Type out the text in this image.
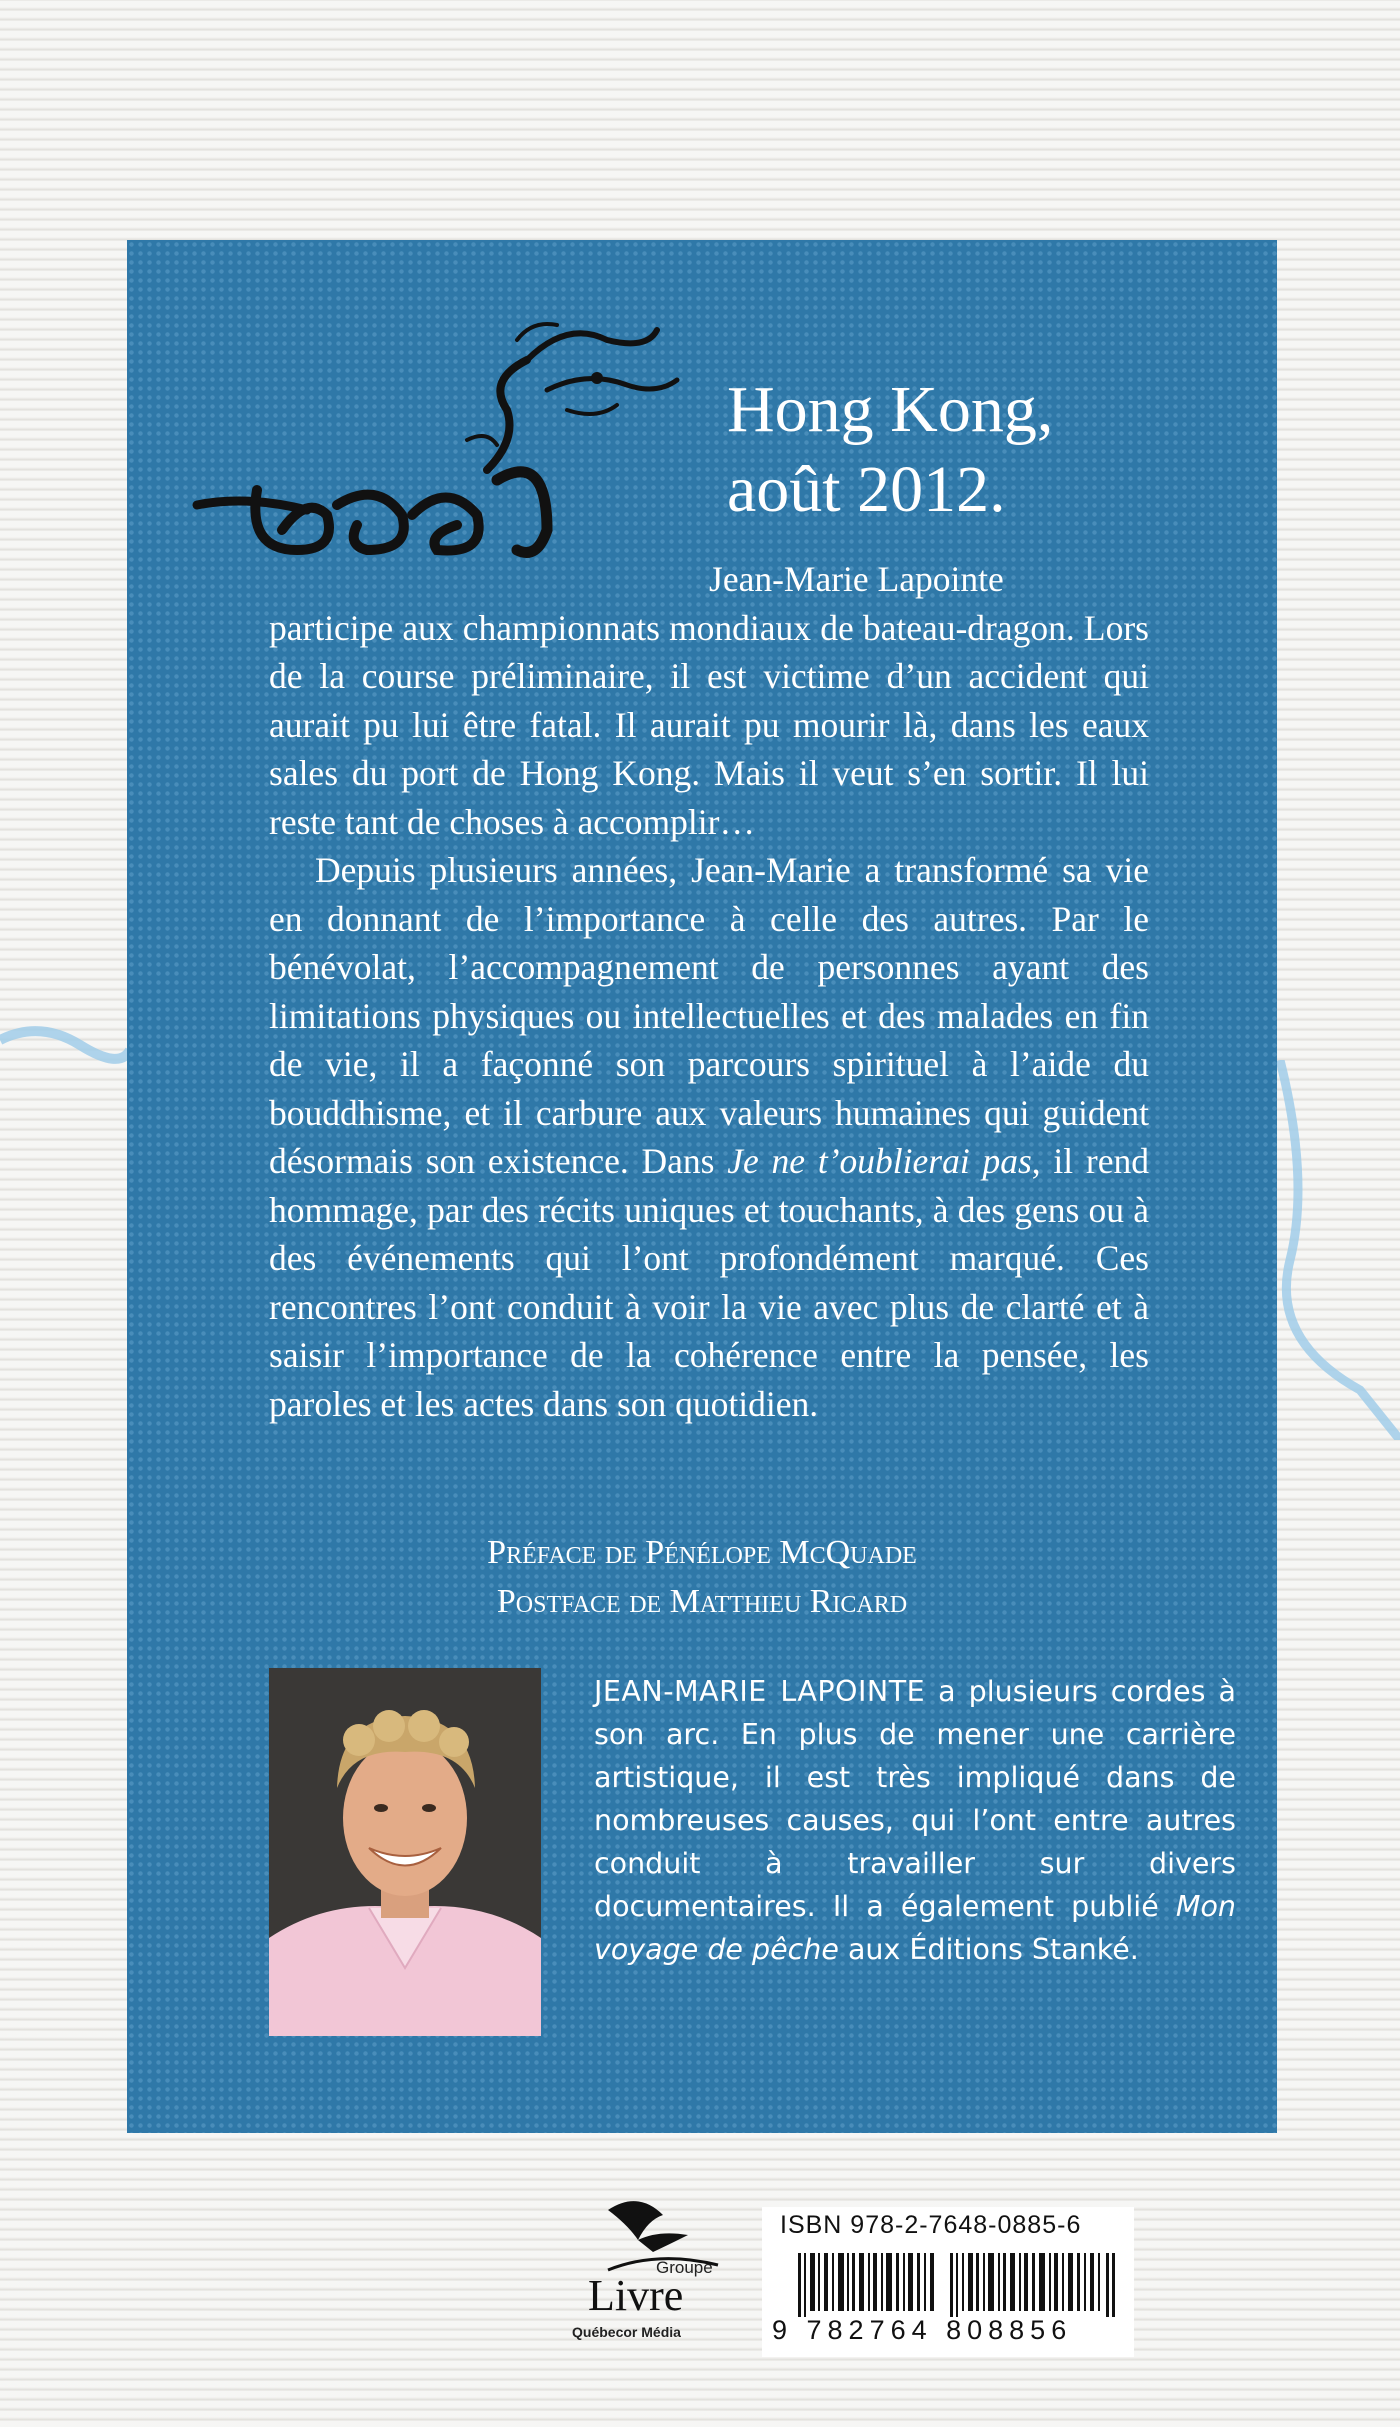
Hong Kong,
août 2012.

Jean-Marie Lapointe

participe aux championnats mondiaux de bateau-dragon. Lors de la course préliminaire, il est victime d’un accident qui aurait pu lui être fatal. Il aurait pu mourir là, dans les eaux sales du port de Hong Kong. Mais il veut s’en sortir. Il lui reste tant de choses à accomplir…

Depuis plusieurs années, Jean-Marie a transformé sa vie en donnant de l’importance à celle des autres. Par le bénévolat, l’accompagnement de personnes ayant des limitations physiques ou intellectuelles et des malades en fin de vie, il a façonné son parcours spirituel à l’aide du bouddhisme, et il carbure aux valeurs humaines qui guident désormais son existence. Dans Je ne t’oublierai pas, il rend hommage, par des récits uniques et touchants, à des gens ou à des événements qui l’ont profondément marqué. Ces rencontres l’ont conduit à voir la vie avec plus de clarté et à saisir l’importance de la cohérence entre la pensée, les paroles et les actes dans son quotidien.

Préface de Pénélope McQuade
Postface de Matthieu Ricard
JEAN-MARIE LAPOINTE a plusieurs cordes à son arc. En plus de mener une carrière artistique, il est très impliqué dans de nombreuses causes, qui l’ont entre autres conduit à travailler sur divers documentaires. Il a également publié Mon voyage de pêche aux Éditions Stanké.
Groupe
Livre
Québecor Média
ISBN 978-2-7648-0885-6
9 782764 808856
